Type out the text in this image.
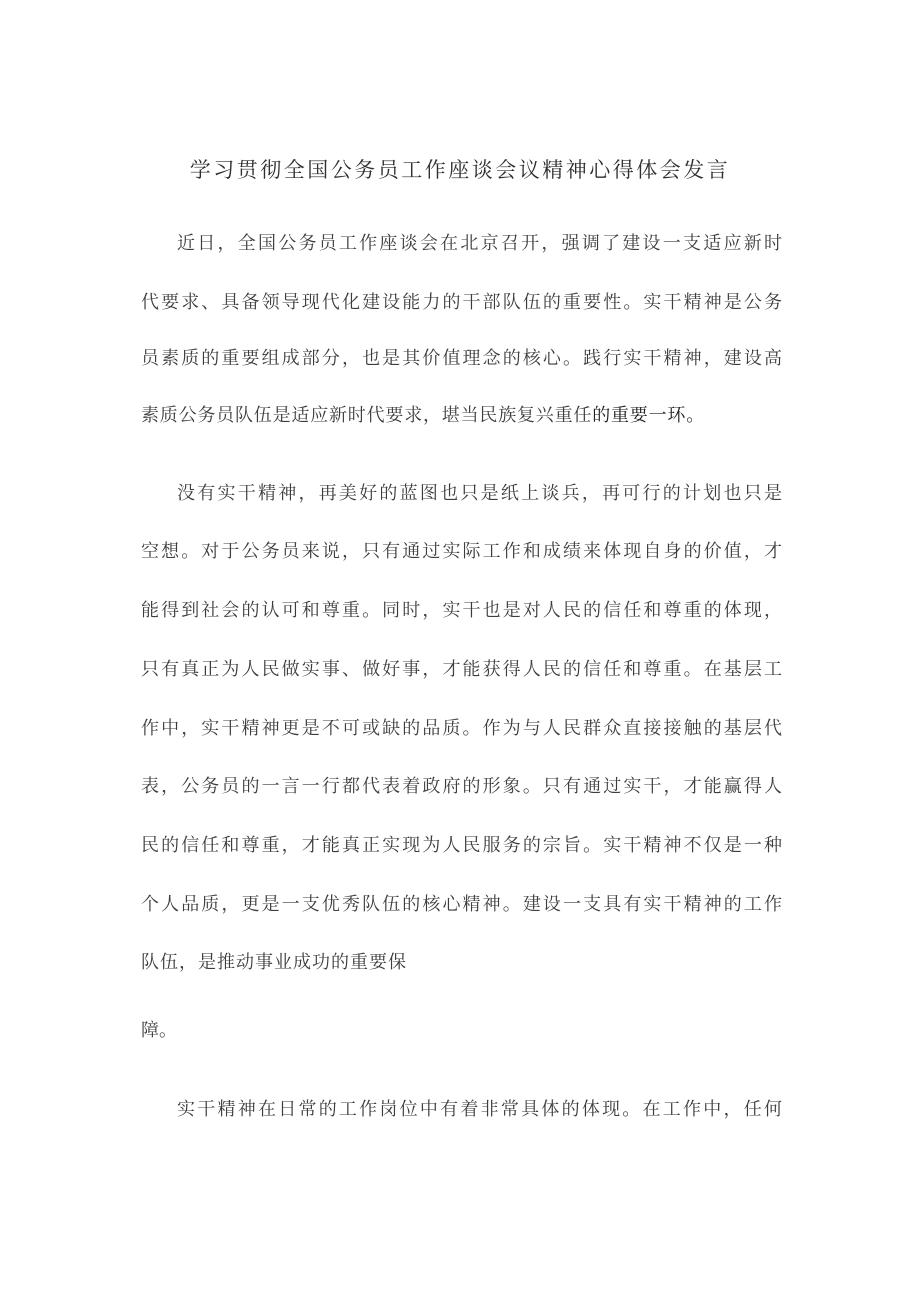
学习贯彻全国公务员工作座谈会议精神心得体会发言
近日，全国公务员工作座谈会在北京召开，强调了建设一支适应新时
代要求、具备领导现代化建设能力的干部队伍的重要性。实干精神是公务
员素质的重要组成部分，也是其价值理念的核心。践行实干精神，建设高
素质公务员队伍是适应新时代要求，堪当民族复兴重任的重要一环。
没有实干精神，再美好的蓝图也只是纸上谈兵，再可行的计划也只是
空想。对于公务员来说，只有通过实际工作和成绩来体现自身的价值，才
能得到社会的认可和尊重。同时，实干也是对人民的信任和尊重的体现，
只有真正为人民做实事、做好事，才能获得人民的信任和尊重。在基层工
作中，实干精神更是不可或缺的品质。作为与人民群众直接接触的基层代
表，公务员的一言一行都代表着政府的形象。只有通过实干，才能赢得人
民的信任和尊重，才能真正实现为人民服务的宗旨。实干精神不仅是一种
个人品质，更是一支优秀队伍的核心精神。建设一支具有实干精神的工作
队伍，是推动事业成功的重要保
障。
实干精神在日常的工作岗位中有着非常具体的体现。在工作中，任何
